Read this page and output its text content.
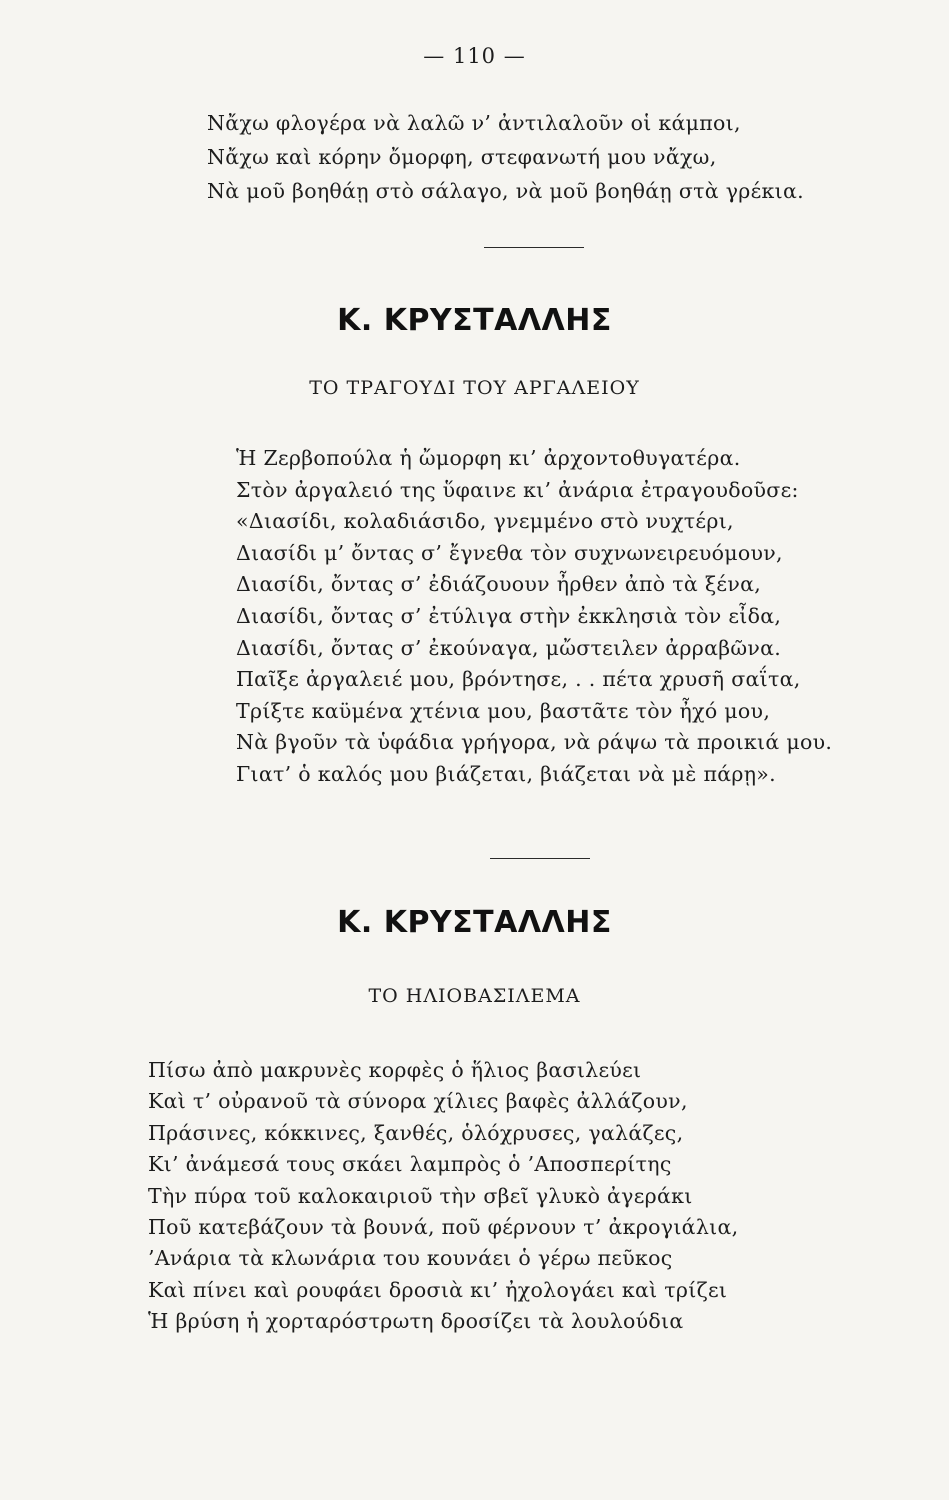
— 110 —
Νἄχω φλογέρα νὰ λαλῶ ν’ ἀντιλαλοῦν οἱ κάμποι,
Νἄχω καὶ κόρην ὄμορφη, στεφανωτή μου νἄχω,
Νὰ μοῦ βοηθάῃ στὸ σάλαγο, νὰ μοῦ βοηθάῃ στὰ γρέκια.
Κ. ΚΡΥΣΤΑΛΛΗΣ
ΤΟ ΤΡΑΓΟΥΔΙ ΤΟΥ ΑΡΓΑΛΕΙΟΥ
Ἡ Ζερβοπούλα ἡ ὤμορφη κι’ ἀρχοντοθυγατέρα.
Στὸν ἀργαλειό της ὕφαινε κι’ ἀνάρια ἐτραγουδοῦσε:
«Διασίδι, κολαδιάσιδο, γνεμμένο στὸ νυχτέρι,
Διασίδι μ’ ὄντας σ’ ἔγνεθα τὸν συχνωνειρευόμουν,
Διασίδι, ὄντας σ’ ἐδιάζουουν ἦρθεν ἀπὸ τὰ ξένα,
Διασίδι, ὄντας σ’ ἐτύλιγα στὴν ἐκκλησιὰ τὸν εἶδα,
Διασίδι, ὄντας σ’ ἐκούναγα, μὤστειλεν ἀρραβῶνα.
Παῖξε ἀργαλειέ μου, βρόντησε, . . πέτα χρυσῆ σαΐτα,
Τρίξτε καϋμένα χτένια μου, βαστᾶτε τὸν ἦχό μου,
Νὰ βγοῦν τὰ ὑφάδια γρήγορα, νὰ ράψω τὰ προικιά μου.
Γιατ’ ὁ καλός μου βιάζεται, βιάζεται νὰ μὲ πάρῃ».
Κ. ΚΡΥΣΤΑΛΛΗΣ
ΤΟ ΗΛΙΟΒΑΣΙΛΕΜΑ
Πίσω ἀπὸ μακρυνὲς κορφὲς ὁ ἥλιος βασιλεύει
Καὶ τ’ οὐρανοῦ τὰ σύνορα χίλιες βαφὲς ἀλλάζουν,
Πράσινες, κόκκινες, ξανθές, ὁλόχρυσες, γαλάζες,
Κι’ ἀνάμεσά τους σκάει λαμπρὸς ὁ ’Αποσπερίτης
Τὴν πύρα τοῦ καλοκαιριοῦ τὴν σβεῖ γλυκὸ ἀγεράκι
Ποῦ κατεβάζουν τὰ βουνά, ποῦ φέρνουν τ’ ἀκρογιάλια,
’Ανάρια τὰ κλωνάρια του κουνάει ὁ γέρω πεῦκος
Καὶ πίνει καὶ ρουφάει δροσιὰ κι’ ἠχολογάει καὶ τρίζει
Ἡ βρύση ἡ χορταρόστρωτη δροσίζει τὰ λουλούδια
